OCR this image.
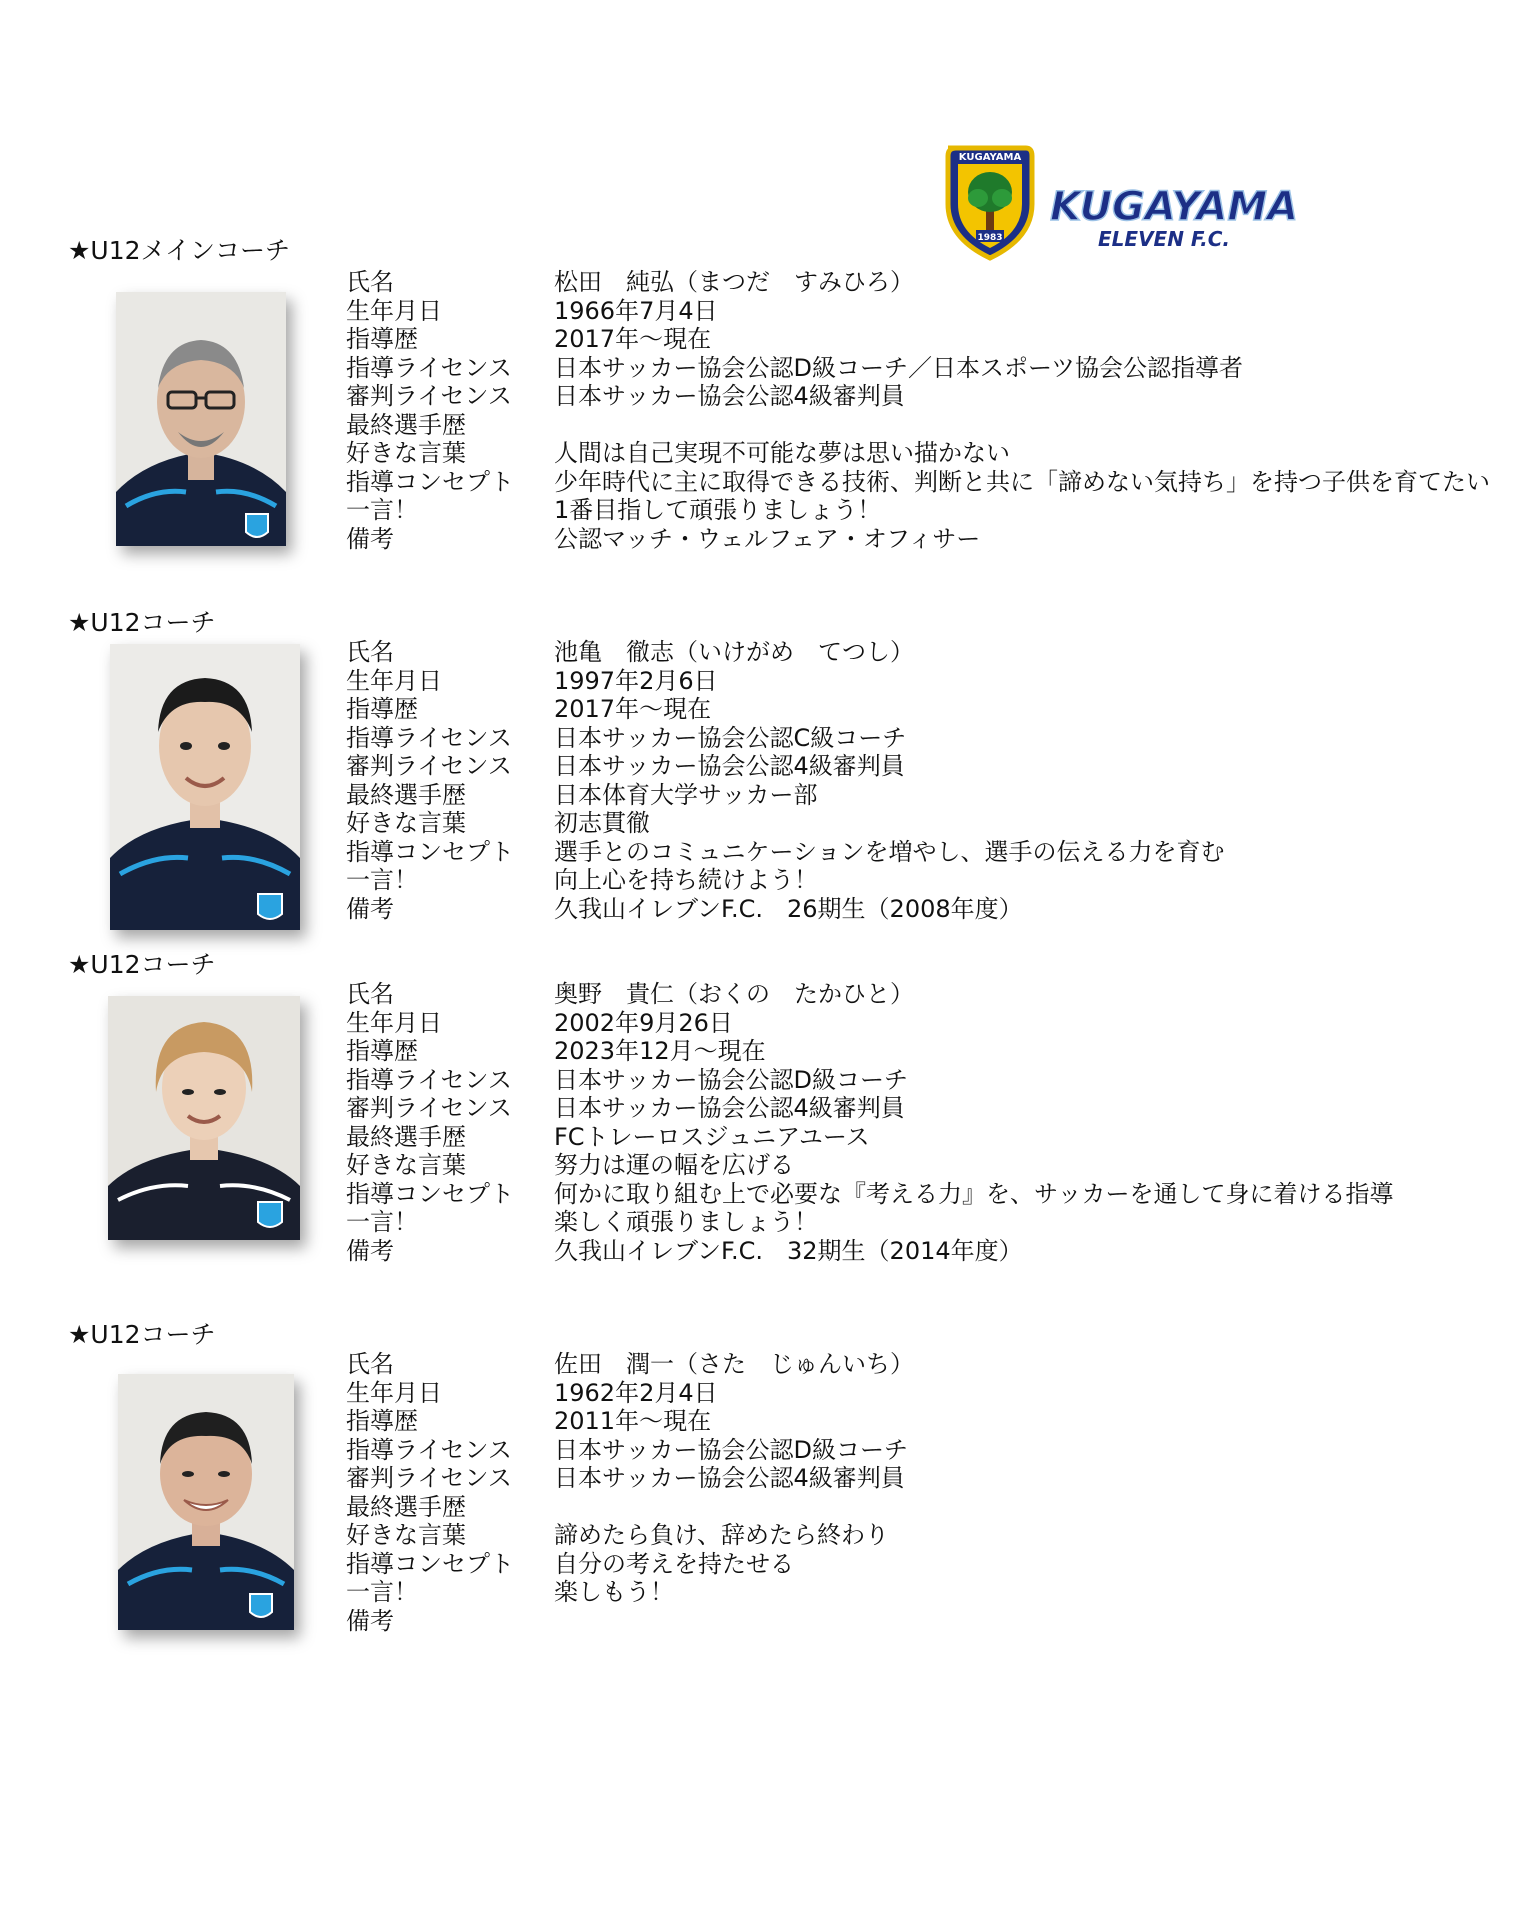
KUGAYAMA
1983
KUGAYAMA
ELEVEN F.C.
★U12メインコーチ
氏名	松田　純弘（まつだ　すみひろ）
生年月日	1966年7月4日
指導歴	2017年～現在
指導ライセンス	日本サッカー協会公認D級コーチ／日本スポーツ協会公認指導者
審判ライセンス	日本サッカー協会公認4級審判員
最終選手歴
好きな言葉	人間は自己実現不可能な夢は思い描かない
指導コンセプト	少年時代に主に取得できる技術、判断と共に「諦めない気持ち」を持つ子供を育てたい
一言！	1番目指して頑張りましょう！
備考	公認マッチ・ウェルフェア・オフィサー
★U12コーチ
氏名	池亀　徹志（いけがめ　てつし）
生年月日	1997年2月6日
指導歴	2017年～現在
指導ライセンス	日本サッカー協会公認C級コーチ
審判ライセンス	日本サッカー協会公認4級審判員
最終選手歴	日本体育大学サッカー部
好きな言葉	初志貫徹
指導コンセプト	選手とのコミュニケーションを増やし、選手の伝える力を育む
一言！	向上心を持ち続けよう！
備考	久我山イレブンF.C.　26期生（2008年度）
★U12コーチ
氏名	奥野　貴仁（おくの　たかひと）
生年月日	2002年9月26日
指導歴	2023年12月～現在
指導ライセンス	日本サッカー協会公認D級コーチ
審判ライセンス	日本サッカー協会公認4級審判員
最終選手歴	FCトレーロスジュニアユース
好きな言葉	努力は運の幅を広げる
指導コンセプト	何かに取り組む上で必要な『考える力』を、サッカーを通して身に着ける指導
一言！	楽しく頑張りましょう！
備考	久我山イレブンF.C.　32期生（2014年度）
★U12コーチ
氏名	佐田　潤一（さた　じゅんいち）
生年月日	1962年2月4日
指導歴	2011年～現在
指導ライセンス	日本サッカー協会公認D級コーチ
審判ライセンス	日本サッカー協会公認4級審判員
最終選手歴
好きな言葉	諦めたら負け、辞めたら終わり
指導コンセプト	自分の考えを持たせる
一言！	楽しもう！
備考
